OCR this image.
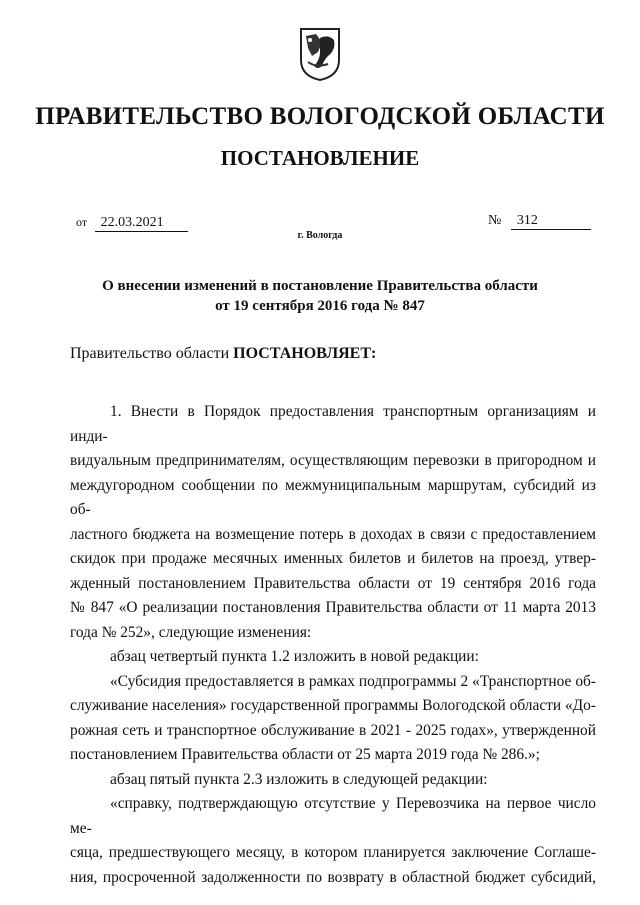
ПРАВИТЕЛЬСТВО ВОЛОГОДСКОЙ ОБЛАСТИ
ПОСТАНОВЛЕНИЕ
от 22.03.2021	№ 312
г. Вологда
О внесении изменений в постановление Правительства области
от 19 сентября 2016 года № 847
Правительство области ПОСТАНОВЛЯЕТ:

1. Внести в Порядок предоставления транспортным организациям и инди-

видуальным предпринимателям, осуществляющим перевозки в пригородном и

междугородном сообщении по межмуниципальным маршрутам, субсидий из об-

ластного бюджета на возмещение потерь в доходах в связи с предоставлением

скидок при продаже месячных именных билетов и билетов на проезд, утвер-

жденный постановлением Правительства области от 19 сентября 2016 года

№ 847 «О реализации постановления Правительства области от 11 марта 2013

года № 252», следующие изменения:

абзац четвертый пункта 1.2 изложить в новой редакции:

«Субсидия предоставляется в рамках подпрограммы 2 «Транспортное об-

служивание населения» государственной программы Вологодской области «До-

рожная сеть и транспортное обслуживание в 2021 - 2025 годах», утвержденной

постановлением Правительства области от 25 марта 2019 года № 286.»;

абзац пятый пункта 2.3 изложить в следующей редакции:

«справку, подтверждающую отсутствие у Перевозчика на первое число ме-

сяца, предшествующего месяцу, в котором планируется заключение Соглаше-

ния, просроченной задолженности по возврату в областной бюджет субсидий,

· ·
